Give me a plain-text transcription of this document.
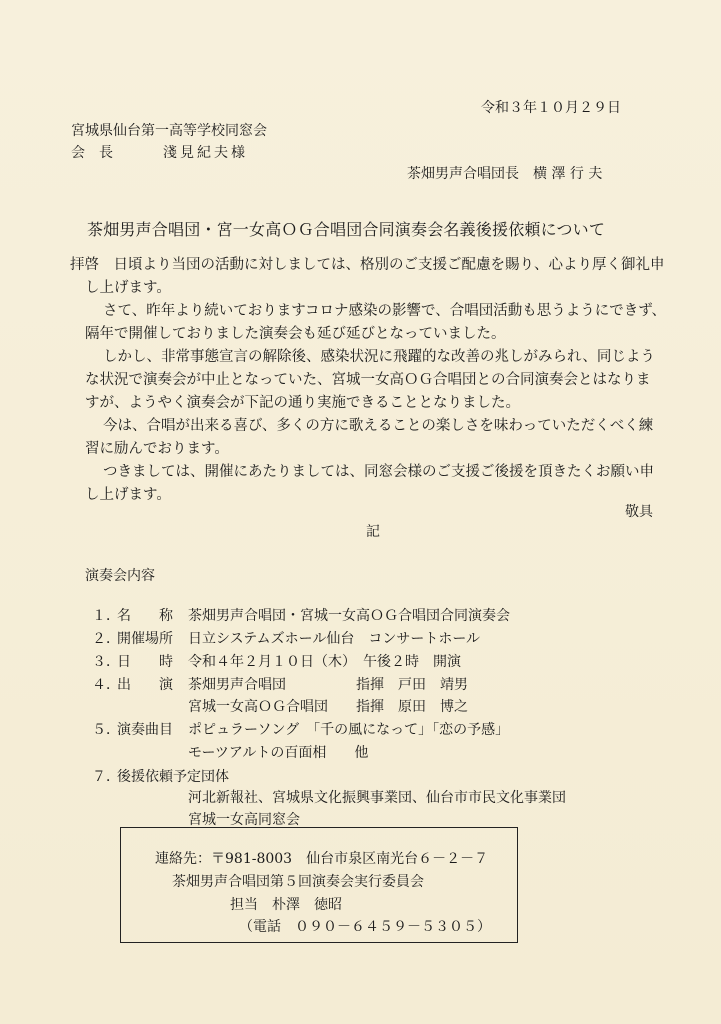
令和３年１０月２９日
宮城県仙台第一高等学校同窓会
会　長	淺見紀夫様
茶畑男声合唱団長　横 澤 行 夫
茶畑男声合唱団・宮一女高ＯＧ合唱団合同演奏会名義後援依頼について
拝啓　日頃より当団の活動に対しましては、格別のご支援ご配慮を賜り、心より厚く御礼申
し上げます。
さて、昨年より続いておりますコロナ感染の影響で、合唱団活動も思うようにできず、
隔年で開催しておりました演奏会も延び延びとなっていました。
しかし、非常事態宣言の解除後、感染状況に飛躍的な改善の兆しがみられ、同じよう
な状況で演奏会が中止となっていた、宮城一女高ＯＧ合唱団との合同演奏会とはなりま
すが、ようやく演奏会が下記の通り実施できることとなりました。
今は、合唱が出来る喜び、多くの方に歌えることの楽しさを味わっていただくべく練
習に励んでおります。
つきましては、開催にあたりましては、同窓会様のご支援ご後援を頂きたくお願い申
し上げます。
敬具
記
演奏会内容
１．
名　　称 茶畑男声合唱団・宮城一女高ＯＧ合唱団合同演奏会
２．
開催場所 日立システムズホール仙台　コンサートホール
３．
日　　時 令和４年２月１０日（木）　午後２時　開演
４．
出　　演 茶畑男声合唱団　　　　　指揮　戸田　靖男
宮城一女高ＯＧ合唱団　　指揮　原田　博之
５．
演奏曲目 ポピュラーソング　「千の風になって」「恋の予感」
モーツアルトの百面相　　他
７．
後援依頼予定団体
河北新報社、宮城県文化振興事業団、仙台市市民文化事業団
宮城一女高同窓会
連絡先：〒981-8003　仙台市泉区南光台６－２－７
茶畑男声合唱団第５回演奏会実行委員会
担当　朴澤　徳昭
（電話　０９０－６４５９－５３０５）
